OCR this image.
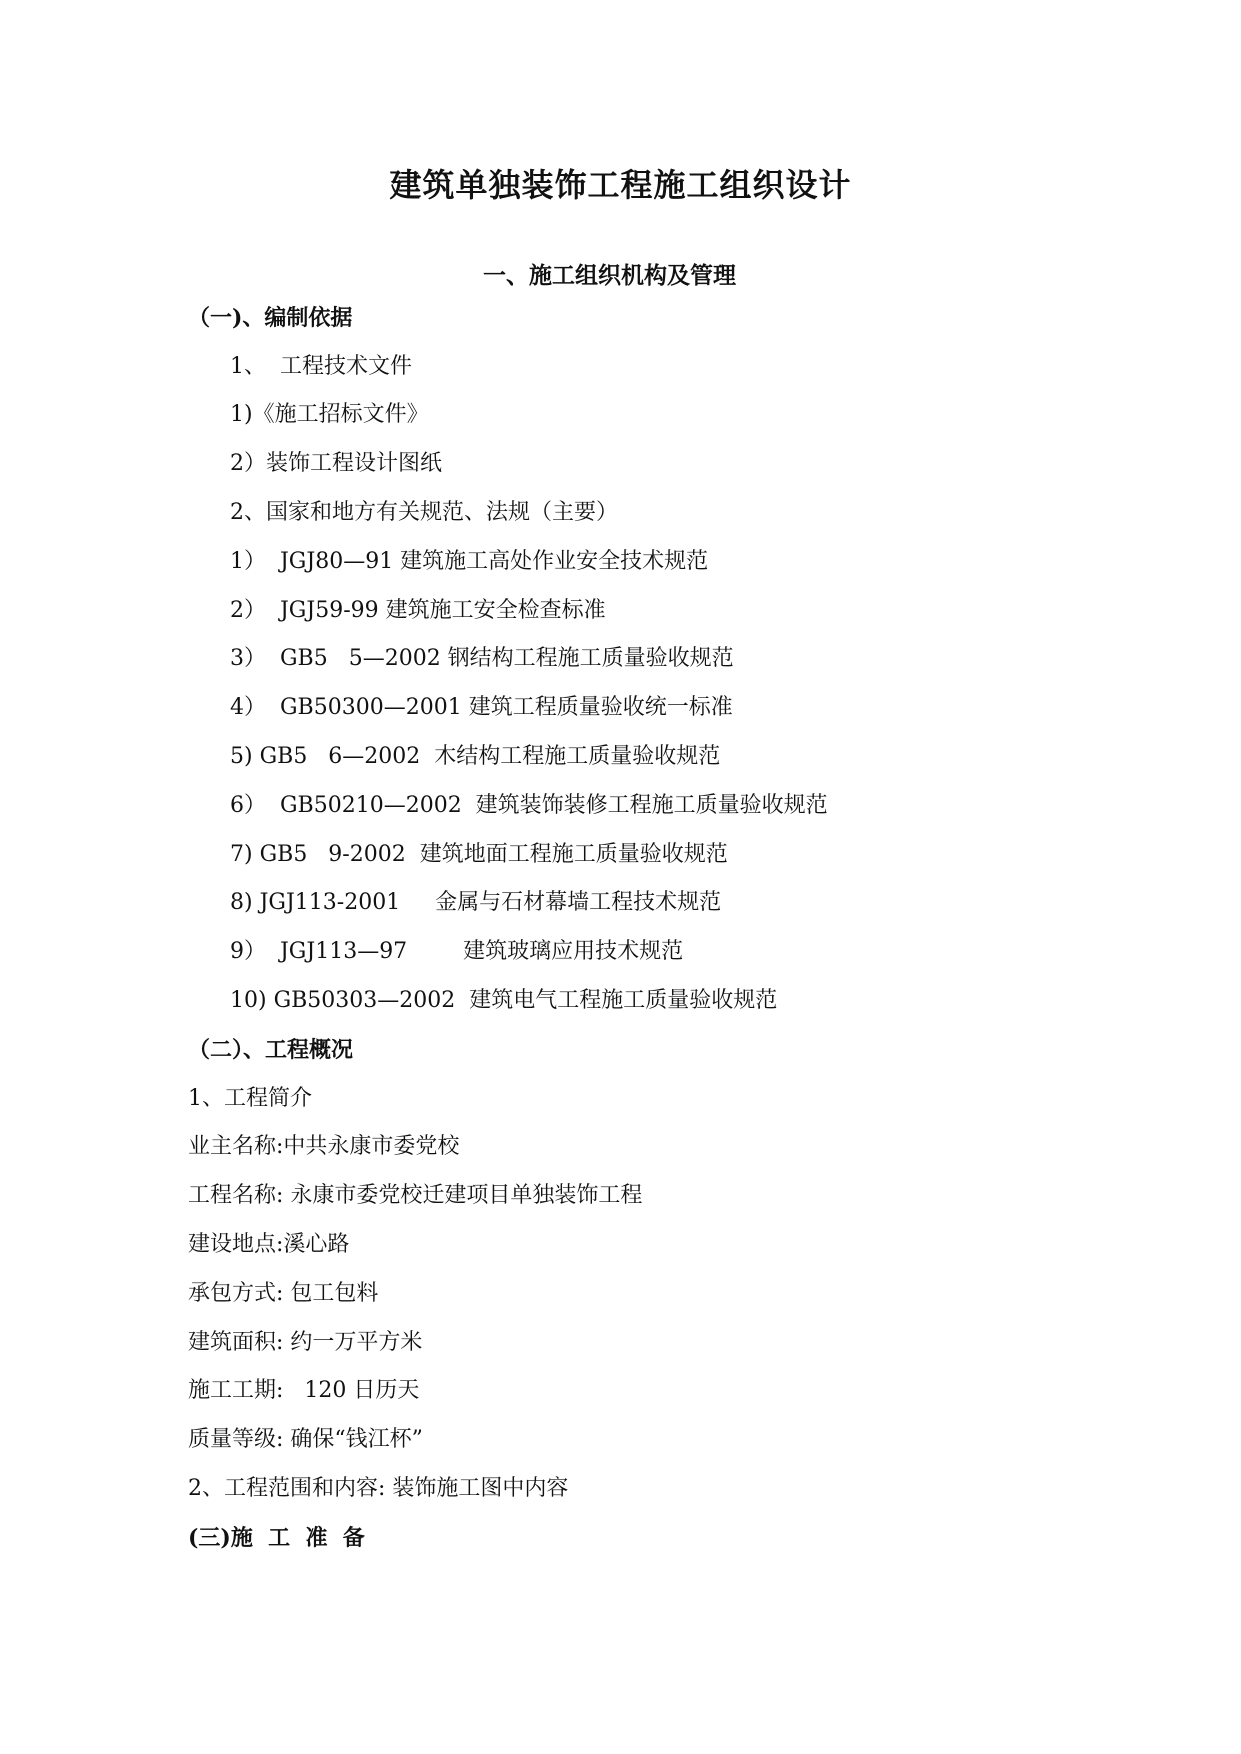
建筑单独装饰工程施工组织设计
一、施工组织机构及管理
（一)、编制依据
1、  工程技术文件
1)《施工招标文件》
2）装饰工程设计图纸
2、国家和地方有关规范、法规（主要）
1）  JGJ80—91 建筑施工高处作业安全技术规范
2）  JGJ59-99 建筑施工安全检查标准
3）  GB5   5—2002 钢结构工程施工质量验收规范
4）  GB50300—2001 建筑工程质量验收统一标准
5) GB5   6—2002  木结构工程施工质量验收规范
6）  GB50210—2002  建筑装饰装修工程施工质量验收规范
7) GB5   9-2002  建筑地面工程施工质量验收规范
8) JGJ113-2001     金属与石材幕墙工程技术规范
9）  JGJ113—97        建筑玻璃应用技术规范
10) GB50303—2002  建筑电气工程施工质量验收规范
（二）、工程概况
1、工程简介
业主名称:中共永康市委党校
工程名称: 永康市委党校迁建项目单独装饰工程
建设地点:溪心路
承包方式: 包工包料
建筑面积: 约一万平方米
施工工期:   120 日历天
质量等级: 确保“钱江杯”
2、工程范围和内容: 装饰施工图中内容
(三)施  工  准  备
